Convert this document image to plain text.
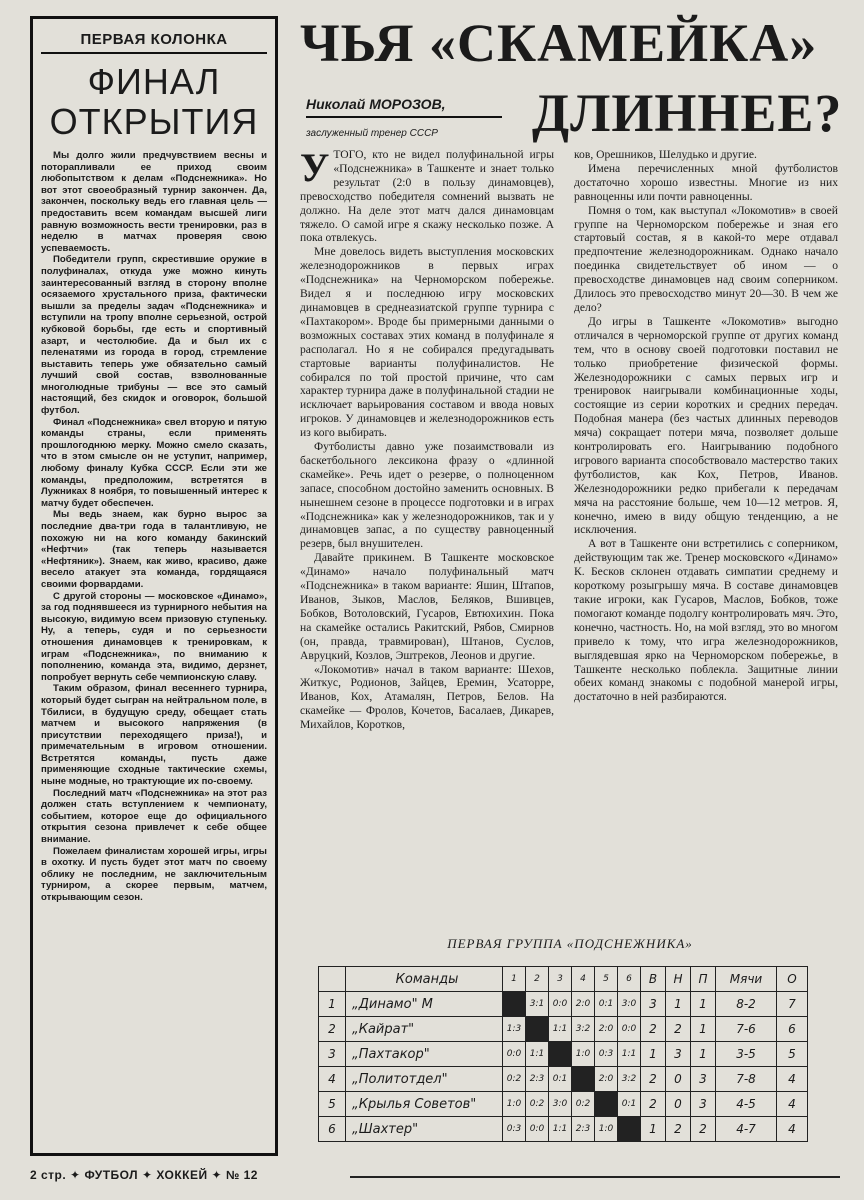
ПЕРВАЯ КОЛОНКА
ФИНАЛ
ОТКРЫТИЯ

Мы долго жили предчувствием весны и поторапливали ее приход своим любопытством к делам «Подснежника». Но вот этот своеобразный турнир закончен. Да, закончен, поскольку ведь его главная цель — предоставить всем командам высшей лиги равную возможность вести тренировки, раз в неделю в матчах проверяя свою успеваемость.

Победители групп, скрестившие оружие в полуфиналах, откуда уже можно кинуть заинтересованный взгляд в сторону вполне осязаемого хрустального приза, фактически вышли за пределы задач «Подснежника» и вступили на тропу вполне серьезной, острой кубковой борьбы, где есть и спортивный азарт, и честолюбие. Да и был их с пеленатями из города в город, стремление выставить теперь уже обязательно самый лучший свой состав, взволнованные многолюдные трибуны — все это самый настоящий, без скидок и оговорок, большой футбол.

Финал «Подснежника» свел вторую и пятую команды страны, если применять прошлогоднюю мерку. Можно смело сказать, что в этом смысле он не уступит, например, любому финалу Кубка СССР. Если эти же команды, предположим, встретятся в Лужниках 8 ноября, то повышенный интерес к матчу будет обеспечен.

Мы ведь знаем, как бурно вырос за последние два-три года в талантливую, не похожую ни на кого команду бакинский «Нефтчи» (так теперь называется «Нефтяник»). Знаем, как живо, красиво, даже весело атакует эта команда, гордящаяся своими форвардами.

С другой стороны — московское «Динамо», за год поднявшееся из турнирного небытия на высокую, видимую всем призовую ступеньку. Ну, а теперь, судя и по серьезности отношения динамовцев к тренировкам, к играм «Подснежника», по вниманию к пополнению, команда эта, видимо, дерзнет, попробует вернуть себе чемпионскую славу.

Таким образом, финал весеннего турнира, который будет сыгран на нейтральном поле, в Тбилиси, в будущую среду, обещает стать матчем и высокого напряжения (в присутствии переходящего приза!), и примечательным в игровом отношении. Встретятся команды, пусть даже применяющие сходные тактические схемы, ныне модные, но трактующие их по-своему.

Последний матч «Подснежника» на этот раз должен стать вступлением к чемпионату, событием, которое еще до официального открытия сезона привлечет к себе общее внимание.

Пожелаем финалистам хорошей игры, игры в охотку. И пусть будет этот матч по своему облику не последним, не заключительным турниром, а скорее первым, матчем, открывающим сезон.

ЧЬЯ «СКАМЕЙКА»
ДЛИННЕЕ?
Николай МОРОЗОВ,
заслуженный тренер СССР
У ТОГО, кто не видел полуфинальной игры «Подснежника» в Ташкенте и знает только результат (2:0 в пользу динамовцев), превосходство победителя сомнений вызвать не должно. На деле этот матч дался динамовцам тяжело. О самой игре я скажу несколько позже. А пока отвлекусь.

Мне довелось видеть выступления московских железнодорожников в первых играх «Подснежника» на Черноморском побережье. Видел я и последнюю игру московских динамовцев в среднеазиатской группе турнира с «Пахтакором». Вроде бы примерными данными о возможных составах этих команд в полуфинале я располагал. Но я не собирался предугадывать стартовые варианты полуфиналистов. Не собирался по той простой причине, что сам характер турнира даже в полуфинальной стадии не исключает варьирования составом и ввода новых игроков. У динамовцев и железнодорожников есть из кого выбирать.

Футболисты давно уже позаимствовали из баскетбольного лексикона фразу о «длинной скамейке». Речь идет о резерве, о полноценном запасе, способном достойно заменить основных. В нынешнем сезоне в процессе подготовки и в играх «Подснежника» как у железнодорожников, так и у динамовцев запас, а по существу равноценный резерв, был внушителен.

Давайте прикинем. В Ташкенте московское «Динамо» начало полуфинальный матч «Подснежника» в таком варианте: Яшин, Штапов, Иванов, Зыков, Маслов, Беляков, Вшивцев, Бобков, Вотоловский, Гусаров, Евтюхихин. Пока на скамейке остались Ракитский, Рябов, Смирнов (он, правда, травмирован), Штанов, Суслов, Авруцкий, Козлов, Эштреков, Леонов и другие.

«Локомотив» начал в таком варианте: Шехов, Житкус, Родионов, Зайцев, Еремин, Усаторре, Иванов, Кох, Атамалян, Петров, Белов. На скамейке — Фролов, Кочетов, Басалаев, Дикарев, Михайлов, Коротков,

ков, Орешников, Шелудько и другие.

Имена перечисленных мной футболистов достаточно хорошо известны. Многие из них равноценны или почти равноценны.

Помня о том, как выступал «Локомотив» в своей группе на Черноморском побережье и зная его стартовый состав, я в какой-то мере отдавал предпочтение железнодорожникам. Однако начало поединка свидетельствует об ином — о превосходстве динамовцев над своим соперником. Длилось это превосходство минут 20—30. В чем же дело?

До игры в Ташкенте «Локомотив» выгодно отличался в черноморской группе от других команд тем, что в основу своей подготовки поставил не только приобретение физической формы. Железнодорожники с самых первых игр и тренировок наигрывали комбинационные ходы, состоящие из серии коротких и средних передач. Подобная манера (без частых длинных переводов мяча) сокращает потери мяча, позволяет дольше контролировать его. Наигрыванию подобного игрового варианта способствовало мастерство таких футболистов, как Кох, Петров, Иванов. Железнодорожники редко прибегали к передачам мяча на расстояние больше, чем 10—12 метров. Я, конечно, имею в виду общую тенденцию, а не исключения.

А вот в Ташкенте они встретились с соперником, действующим так же. Тренер московского «Динамо» К. Бесков склонен отдавать симпатии среднему и короткому розыгрышу мяча. В составе динамовцев такие игроки, как Гусаров, Маслов, Бобков, тоже помогают команде подолгу контролировать мяч. Это, конечно, частность. Но, на мой взгляд, это во многом привело к тому, что игра железнодорожников, выглядевшая ярко на Черноморском побережье, в Ташкенте несколько поблекла. Защитные линии обеих команд знакомы с подобной манерой игры, достаточно в ней разбираются.

ПЕРВАЯ ГРУППА «ПОДСНЕЖНИКА»
	Команды	1	2	3	4	5	6	В	Н	П	Мячи	О
1	„Динамо" М		3:1	0:0	2:0	0:1	3:0	3	1	1	8-2	7
2	„Кайрат"	1:3		1:1	3:2	2:0	0:0	2	2	1	7-6	6
3	„Пахтакор"	0:0	1:1		1:0	0:3	1:1	1	3	1	3-5	5
4	„Политотдел"	0:2	2:3	0:1		2:0	3:2	2	0	3	7-8	4
5	„Крылья Советов"	1:0	0:2	3:0	0:2		0:1	2	0	3	4-5	4
6	„Шахтер"	0:3	0:0	1:1	2:3	1:0		1	2	2	4-7	4
2 стр. ✦ ФУТБОЛ ✦ ХОККЕЙ ✦ № 12
